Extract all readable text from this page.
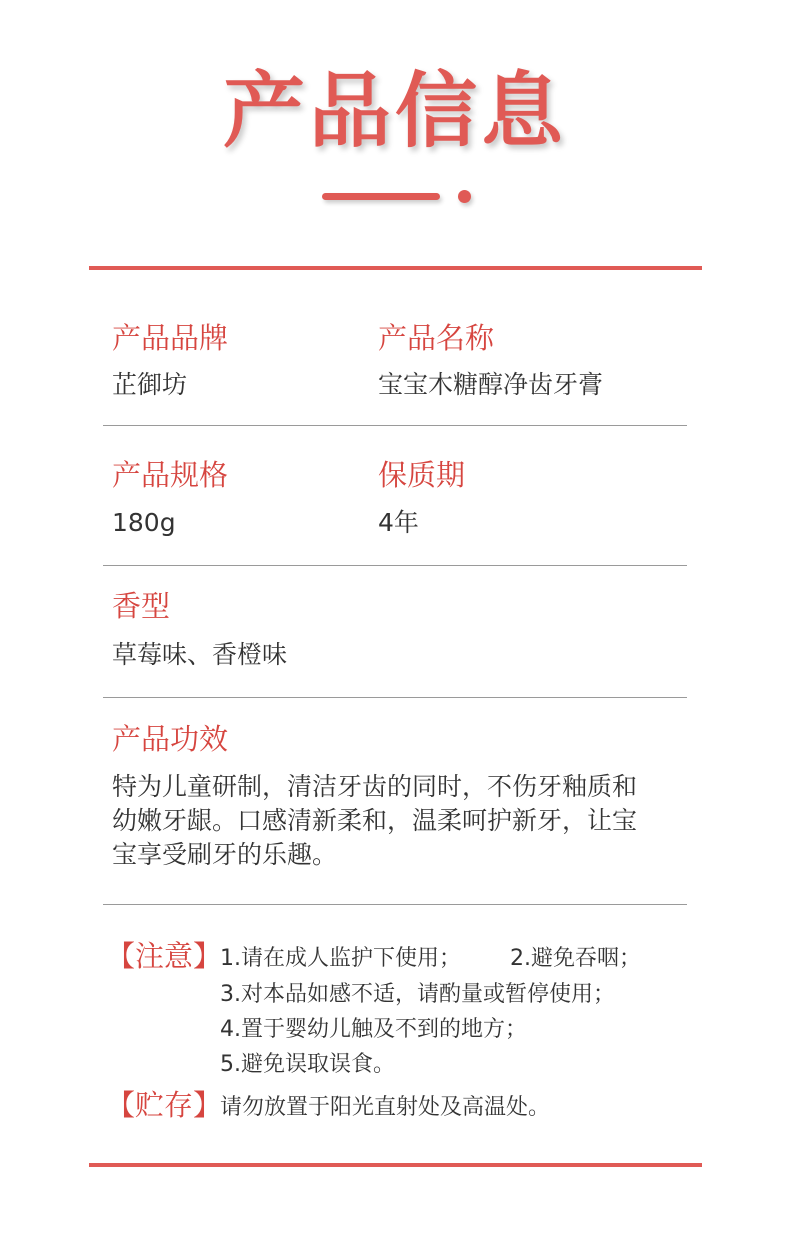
产品信息
产品品牌
芷御坊
产品名称
宝宝木糖醇净齿牙膏
产品规格
180g
保质期
4年
香型
草莓味、香橙味
产品功效
特为儿童研制，清洁牙齿的同时，不伤牙釉质和
幼嫩牙龈。口感清新柔和，温柔呵护新牙，让宝
宝享受刷牙的乐趣。
【注意】
1.请在成人监护下使用； 2.避免吞咽；
3.对本品如感不适，请酌量或暂停使用；
4.置于婴幼儿触及不到的地方；
5.避免误取误食。
【贮存】
请勿放置于阳光直射处及高温处。
